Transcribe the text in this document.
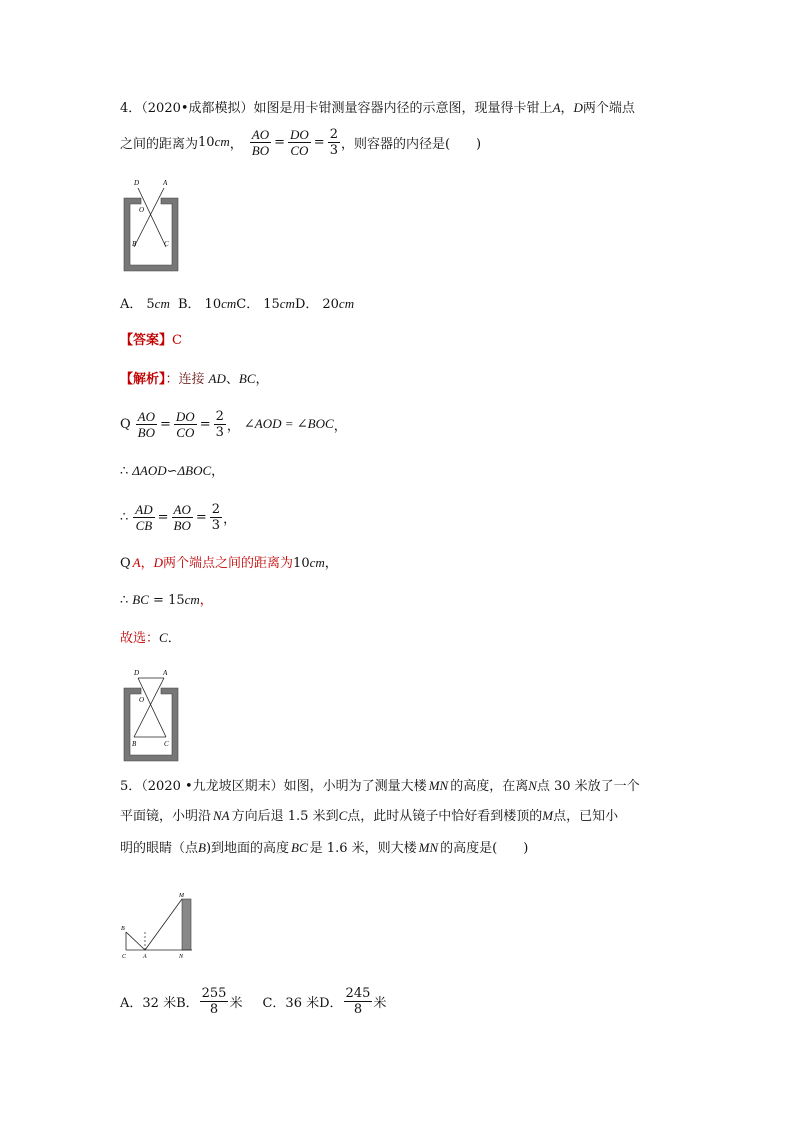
4．（2020•成都模拟）如图是用卡钳测量容器内径的示意图，现量得卡钳上A，D两个端点
之间的距离为 10 cm ， $\frac{AO}{BO} = \frac{DO}{CO} = \frac{2}{3}$ ，则容器的内径是(　　)
D	A
O
B	C
A． 5cm B． 10cmC． 15cmD． 20cm
【答案】C
【解析】：连接 AD、BC，
Q $\frac{AO}{BO} = \frac{DO}{CO} = \frac{2}{3}$ ， ∠AOD = ∠BOC ，
∴ ΔAOD∽ΔBOC，
∴ $\frac{AD}{CB} = \frac{AO}{BO} = \frac{2}{3}$ ，
Q A，D两个端点之间的距离为10cm，
∴ BC = 15cm，
故选：C．
D	A
O
B	C
5．（2020 •九龙坡区期末）如图，小明为了测量大楼 MN 的高度，在离N点 30 米放了一个
平面镜，小明沿 NA 方向后退 1.5 米到C点，此时从镜子中恰好看到楼顶的M点，已知小
明的眼睛（点B)到地面的高度 BC 是 1.6 米，则大楼 MN 的高度是(　　)
M
B
C	A	N
A．32 米 B． $\frac{255}{8}$ 米 C．36 米 D． $\frac{245}{8}$ 米
